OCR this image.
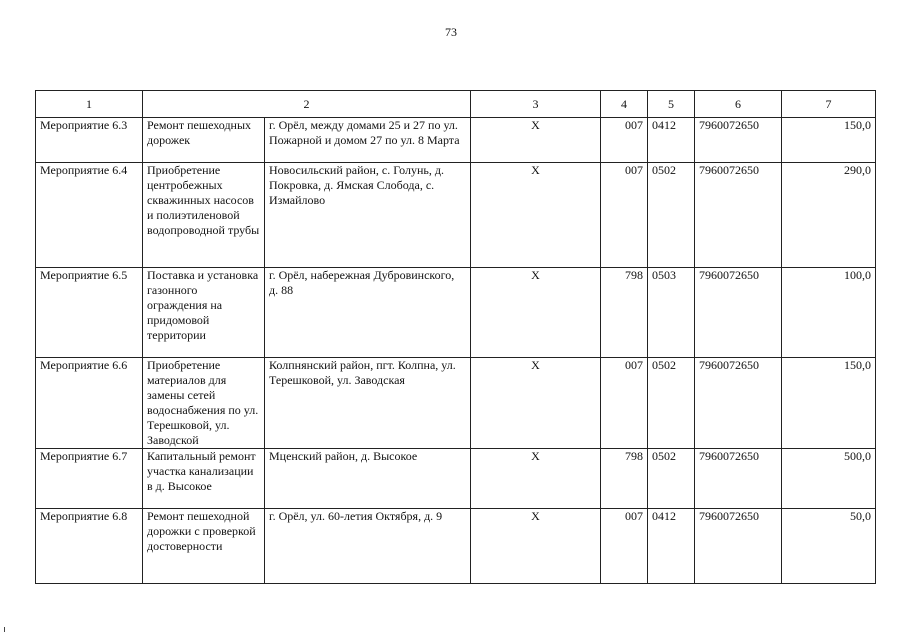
73
1	2		3	4	5	6	7
Мероприятие 6.3	Ремонт пешеходных дорожек	г. Орёл, между домами 25 и 27 по ул. Пожарной и домом 27 по ул. 8 Марта	Х	007	0412	7960072650	150,0
Мероприятие 6.4	Приобретение центробежных скважинных насосов и полиэтиленовой водопроводной трубы	Новосильский район, с. Голунь, д. Покровка, д. Ямская Слобода, с. Измайлово	Х	007	0502	7960072650	290,0
Мероприятие 6.5	Поставка и установка газонного ограждения на придомовой территории	г. Орёл, набережная Дубровинского, д. 88	Х	798	0503	7960072650	100,0
Мероприятие 6.6	Приобретение материалов для замены сетей водоснабжения по ул. Терешковой, ул. Заводской	Колпнянский район, пгт. Колпна, ул. Терешковой, ул. Заводская	Х	007	0502	7960072650	150,0
Мероприятие 6.7	Капитальный ремонт участка канализации в д. Высокое	Мценский район, д. Высокое	Х	798	0502	7960072650	500,0
Мероприятие 6.8	Ремонт пешеходной дорожки с проверкой достоверности	г. Орёл, ул. 60-летия Октября, д. 9	Х	007	0412	7960072650	50,0
